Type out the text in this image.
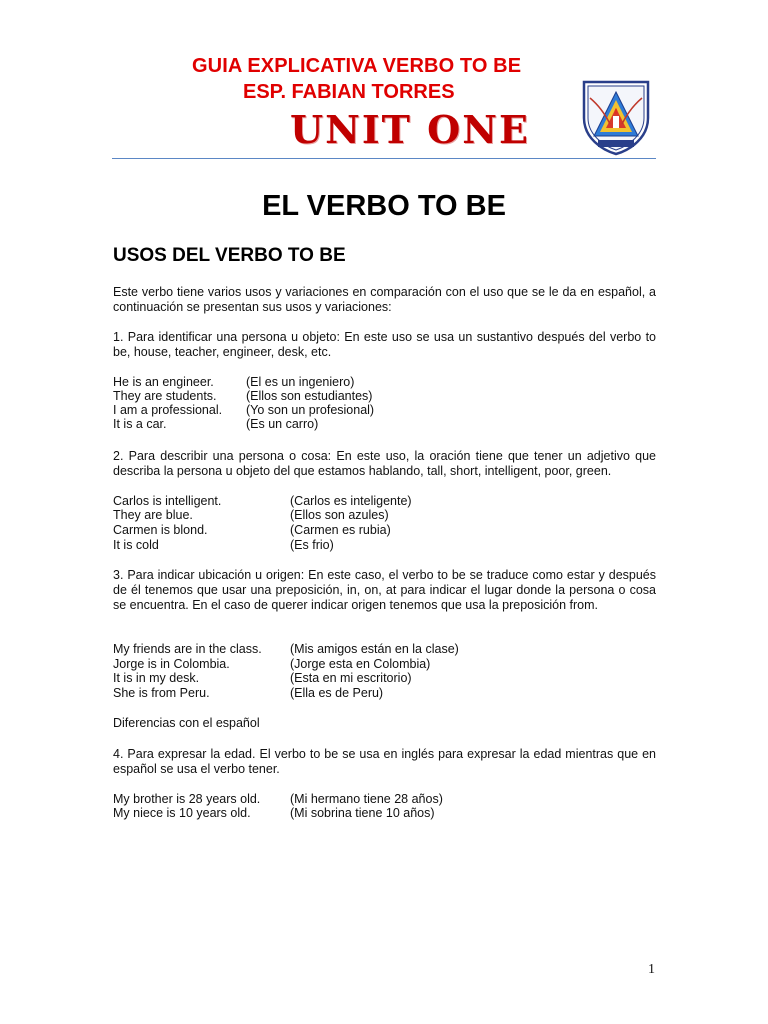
GUIA EXPLICATIVA VERBO TO BE
ESP. FABIAN TORRES
UNIT ONE
EL VERBO TO BE
USOS DEL VERBO TO BE
Este verbo tiene varios usos y variaciones en comparación con el uso que se le da en español, a continuación se presentan sus usos y variaciones:
1. Para identificar una persona u objeto: En este uso se usa un sustantivo después del verbo to be, house, teacher, engineer, desk, etc.
He is an engineer.	(El es un ingeniero)
They are students. (Ellos son estudiantes)
I am a professional. (Yo son un profesional)
It is a car.	(Es un carro)
2. Para describir una persona o cosa: En este uso, la oración tiene que tener un adjetivo que describa la persona u objeto del que estamos hablando, tall, short, intelligent, poor, green.
Carlos is intelligent.	(Carlos es inteligente)
They are blue.	(Ellos son azules)
Carmen is blond.	(Carmen es rubia)
It is cold	(Es frio)
3. Para indicar ubicación u origen: En este caso, el verbo to be se traduce como estar y después de él tenemos que usar una preposición, in, on, at para indicar el lugar donde la persona o cosa se encuentra. En el caso de querer indicar origen tenemos que usa la preposición from.
My friends are in the class. (Mis amigos están en la clase)
Jorge is in Colombia.	(Jorge esta en Colombia)
It is in my desk.	(Esta en mi escritorio)
She is from Peru.	(Ella es de Peru)
Diferencias con el español
4. Para expresar la edad. El verbo to be se usa en inglés para expresar la edad mientras que en español se usa el verbo tener.
My brother is 28 years old. (Mi hermano tiene 28 años)
My niece is 10 years old.	(Mi sobrina tiene 10 años)
1
